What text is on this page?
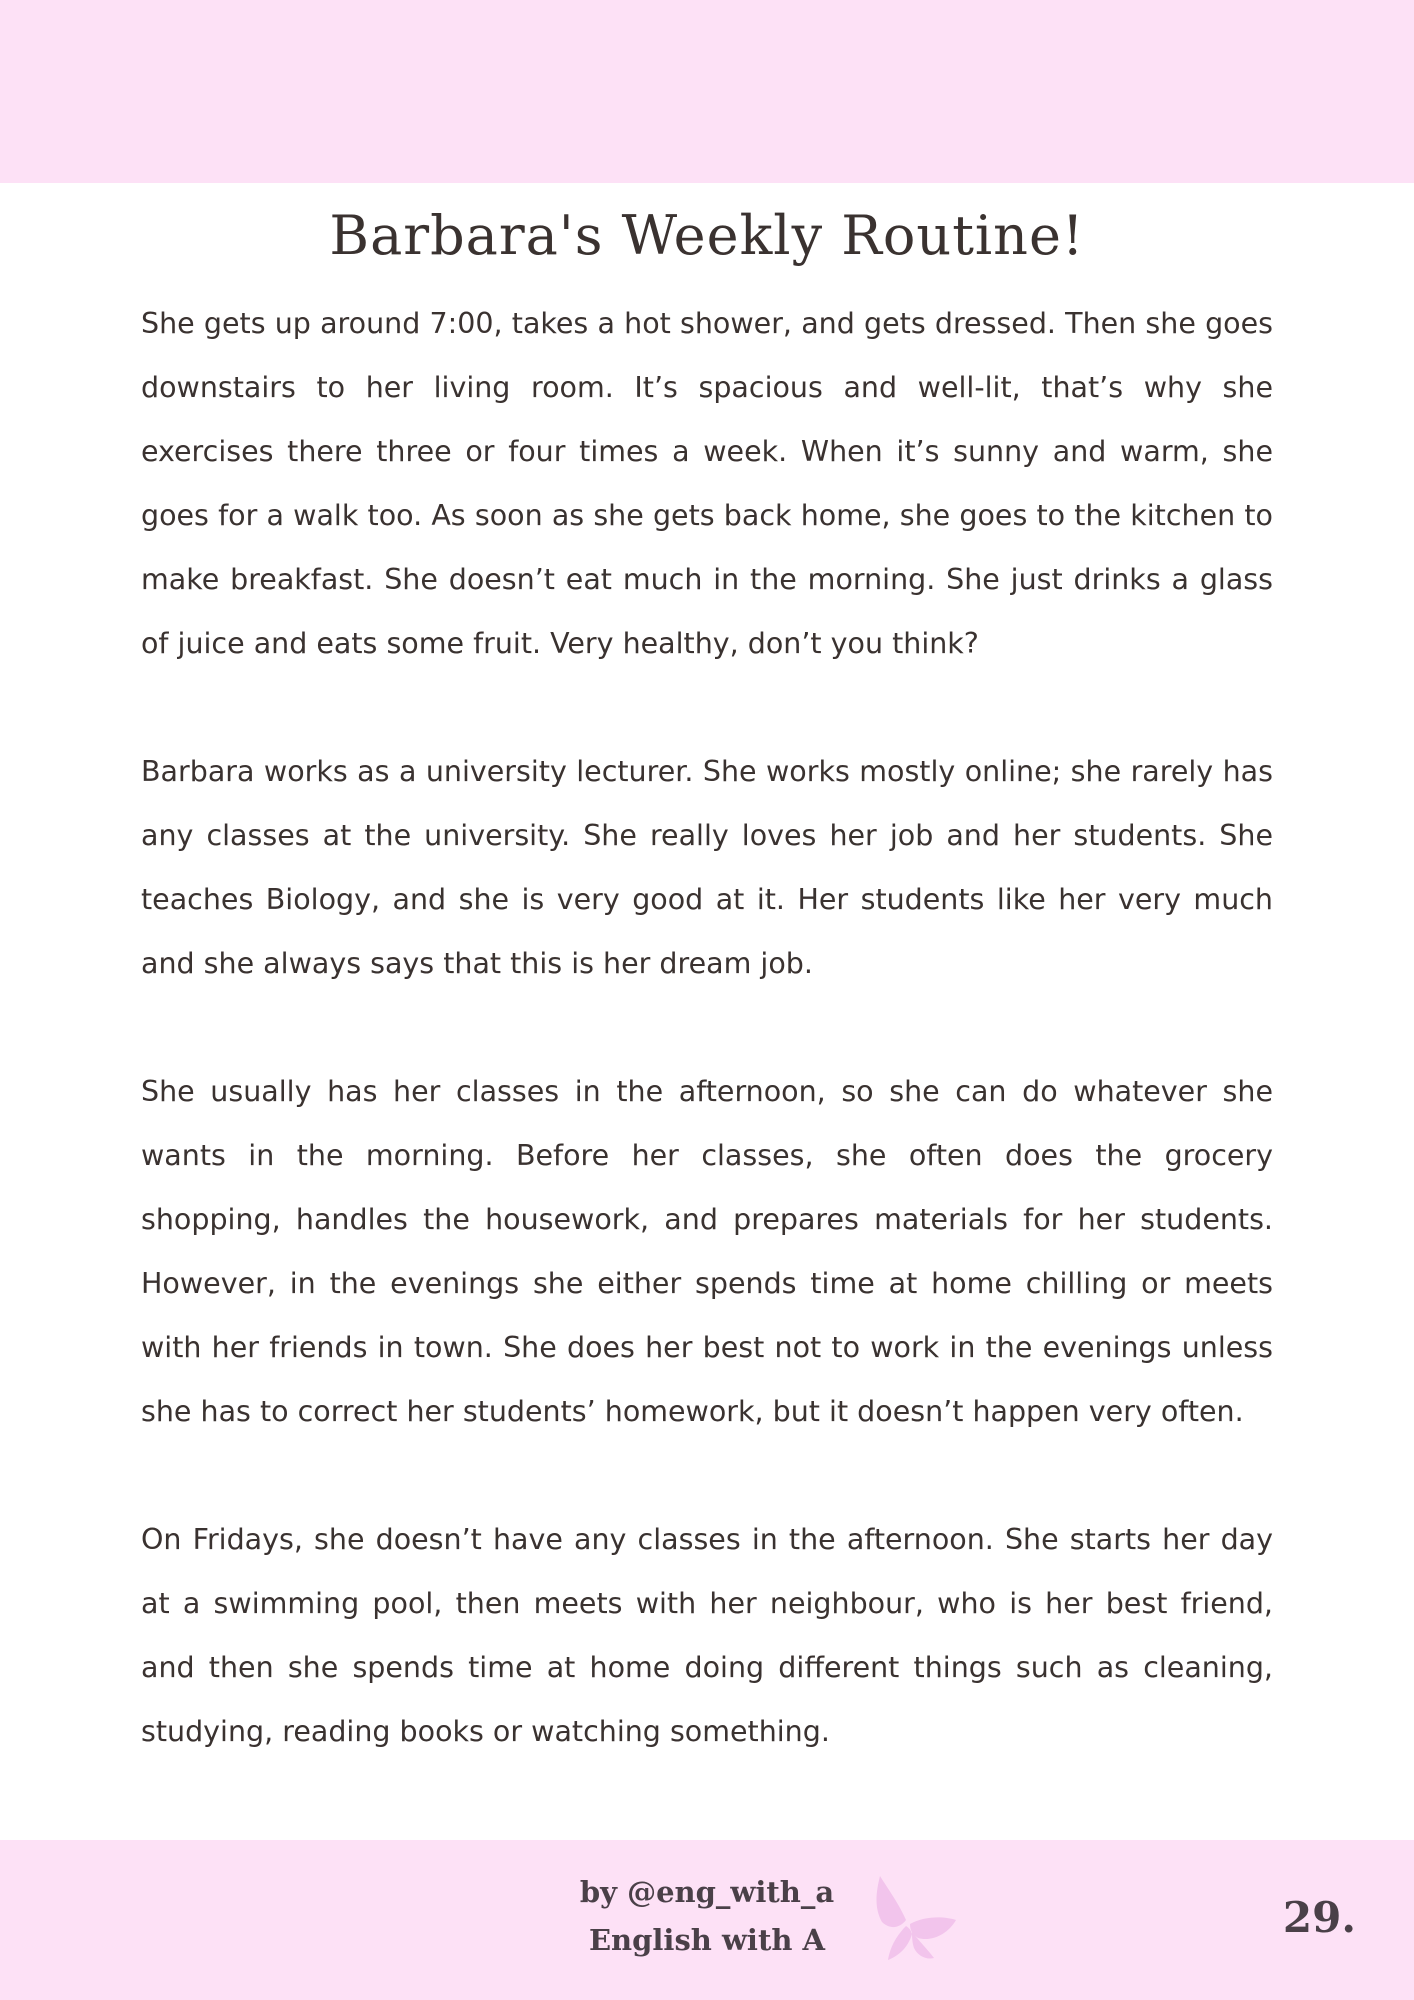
Barbara's Weekly Routine!

She gets up around 7:00, takes a hot shower, and gets dressed. Then she goes downstairs to her living room. It’s spacious and well-lit, that’s why she exercises there three or four times a week. When it’s sunny and warm, she goes for a walk too. As soon as she gets back home, she goes to the kitchen to make breakfast. She doesn’t eat much in the morning. She just drinks a glass of juice and eats some fruit. Very healthy, don’t you think?

Barbara works as a university lecturer. She works mostly online; she rarely has any classes at the university. She really loves her job and her students. She teaches Biology, and she is very good at it. Her students like her very much and she always says that this is her dream job.

She usually has her classes in the afternoon, so she can do whatever she wants in the morning. Before her classes, she often does the grocery shopping, handles the housework, and prepares materials for her students. However, in the evenings she either spends time at home chilling or meets with her friends in town. She does her best not to work in the evenings unless she has to correct her students’ homework, but it doesn’t happen very often.

On Fridays, she doesn’t have any classes in the afternoon. She starts her day at a swimming pool, then meets with her neighbour, who is her best friend, and then she spends time at home doing different things such as cleaning, studying, reading books or watching something.

by @eng_with_a
English with A	29.
